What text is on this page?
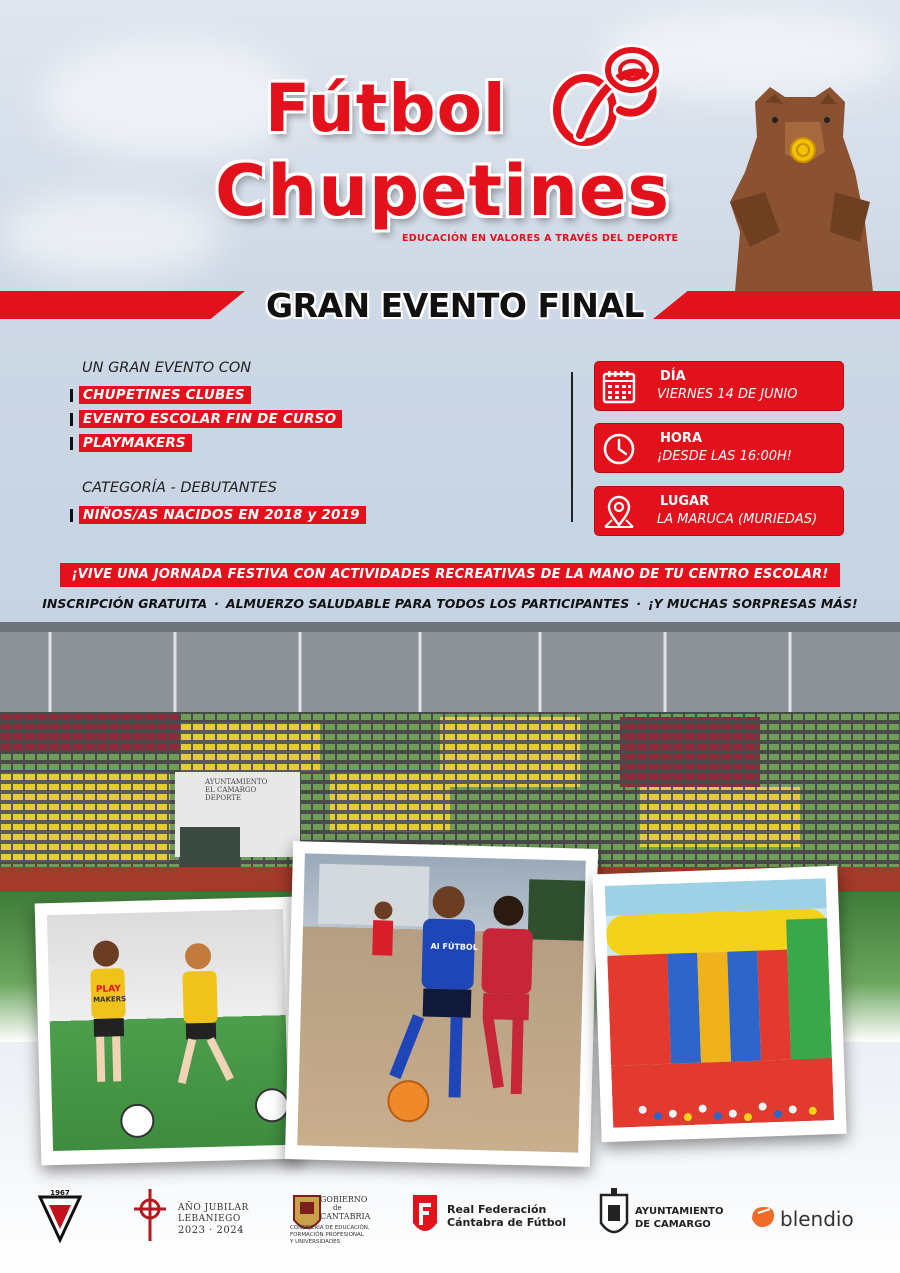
Fútbol
Chupetines
EDUCACIÓN EN VALORES A TRAVÉS DEL DEPORTE
GRAN EVENTO FINAL
UN GRAN EVENTO CON
CHUPETINES CLUBES
EVENTO ESCOLAR FIN DE CURSO
PLAYMAKERS
CATEGORÍA - DEBUTANTES
NIÑOS/AS NACIDOS EN 2018 y 2019
DÍA
VIERNES 14 DE JUNIO
HORA
¡DESDE LAS 16:00H!
LUGAR
LA MARUCA (MURIEDAS)
¡VIVE UNA JORNADA FESTIVA CON ACTIVIDADES RECREATIVAS DE LA MANO DE TU CENTRO ESCOLAR!
INSCRIPCIÓN GRATUITA · ALMUERZO SALUDABLE PARA TODOS LOS PARTICIPANTES · ¡Y MUCHAS SORPRESAS MÁS!
AYUNTAMIENTO
EL CAMARGO
DEPORTE
PLAY
MAKERS
AI FÚTBOL
1967
AÑO JUBILAR
LEBANIEGO
2023 · 2024
GOBIERNO
de
CANTABRIA
CONSEJERÍA DE EDUCACIÓN,
FORMACIÓN PROFESIONAL
Y UNIVERSIDADES
Real Federación
Cántabra de Fútbol
AYUNTAMIENTO
DE CAMARGO	blendio
